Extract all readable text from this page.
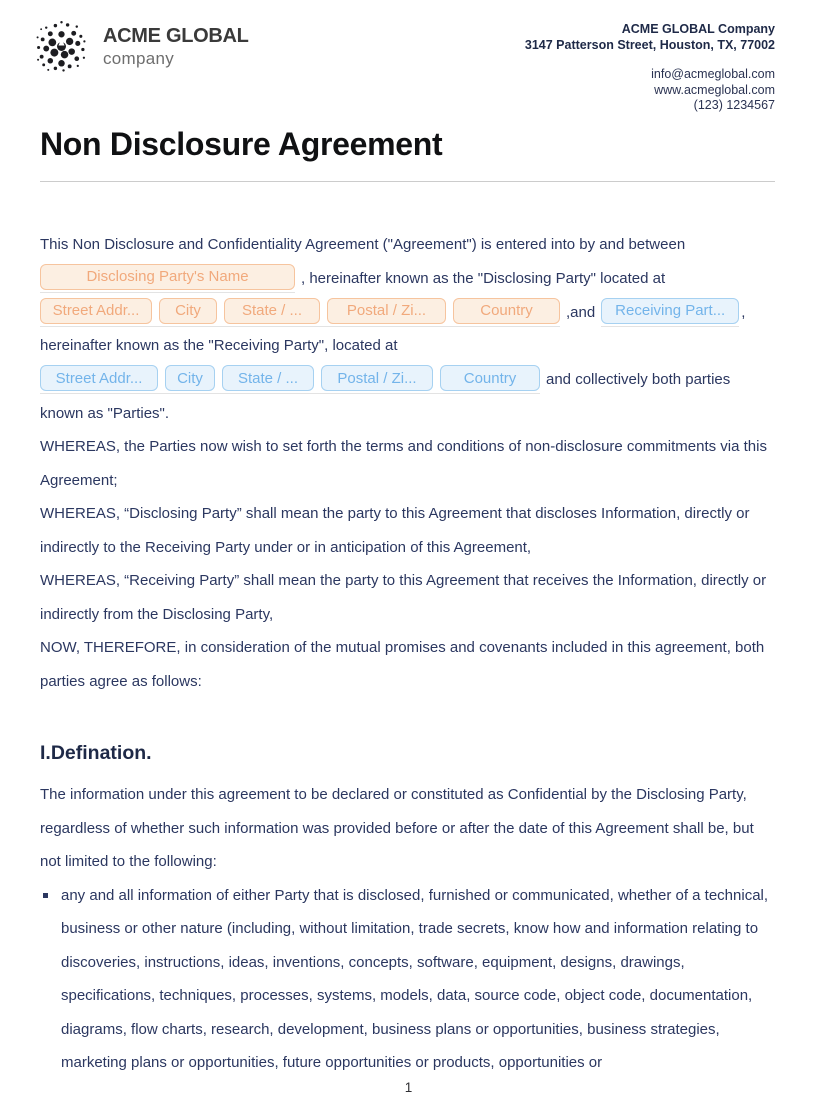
ACME GLOBAL
company
ACME GLOBAL Company
3147 Patterson Street, Houston, TX, 77002
info@acmeglobal.com
www.acmeglobal.com
(123) 1234567
Non Disclosure Agreement

This Non Disclosure and Confidentiality Agreement ("Agreement") is entered into by and between

Disclosing Party's Name	, hereinafter known as the "Disclosing Party" located at
Street Addr...	City	State / ...	Postal / Zi...	Country	,and	Receiving Part...	,

hereinafter known as the "Receiving Party", located at

Street Addr...	City	State / ...	Postal / Zi...	Country	and collectively both parties

known as "Parties".

WHEREAS, the Parties now wish to set forth the terms and conditions of non-disclosure commitments via this Agreement;

WHEREAS, “Disclosing Party” shall mean the party to this Agreement that discloses Information, directly or indirectly to the Receiving Party under or in anticipation of this Agreement,

WHEREAS, “Receiving Party” shall mean the party to this Agreement that receives the Information, directly or indirectly from the Disclosing Party,

NOW, THEREFORE, in consideration of the mutual promises and covenants included in this agreement, both parties agree as follows:

I.Defination.

The information under this agreement to be declared or constituted as Confidential by the Disclosing Party, regardless of whether such information was provided before or after the date of this Agreement shall be, but not limited to the following:

any and all information of either Party that is disclosed, furnished or communicated, whether of a technical, business or other nature (including, without limitation, trade secrets, know how and information relating to discoveries, instructions, ideas, inventions, concepts, software, equipment, designs, drawings, specifications, techniques, processes, systems, models, data, source code, object code, documentation, diagrams, flow charts, research, development, business plans or opportunities, business strategies, marketing plans or opportunities, future opportunities or products, opportunities or
1
